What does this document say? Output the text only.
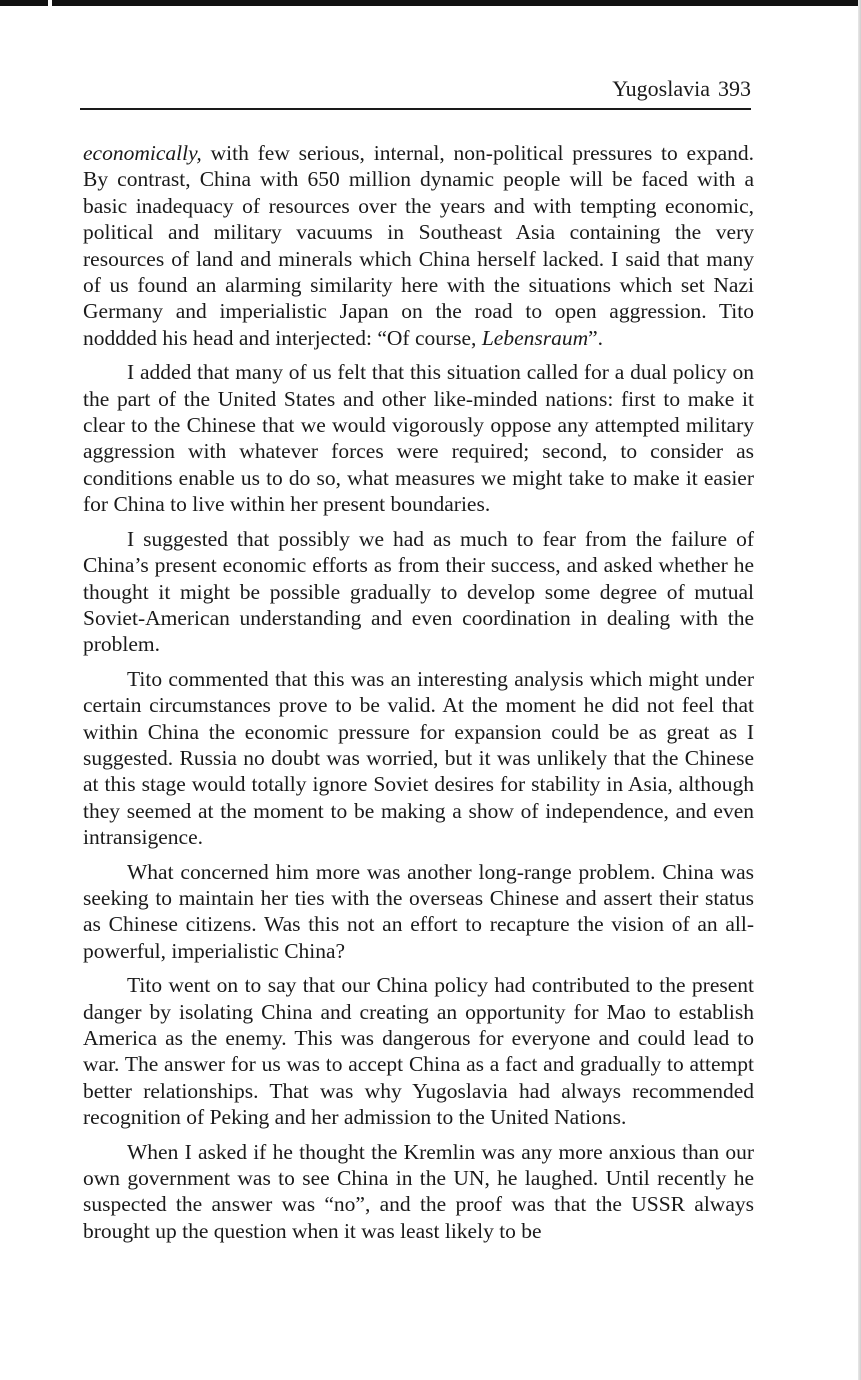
Yugoslavia 393

economically, with few serious, internal, non-political pressures to expand. By contrast, China with 650 million dynamic people will be faced with a basic inadequacy of resources over the years and with tempting economic, political and military vacuums in Southeast Asia containing the very resources of land and minerals which China herself lacked. I said that many of us found an alarming similarity here with the situations which set Nazi Germany and imperialistic Japan on the road to open aggression. Tito noddded his head and interjected: “Of course, Lebensraum”.

I added that many of us felt that this situation called for a dual policy on the part of the United States and other like-minded nations: first to make it clear to the Chinese that we would vigorously oppose any attempted military aggression with whatever forces were required; second, to consider as conditions enable us to do so, what measures we might take to make it easier for China to live within her present boundaries.

I suggested that possibly we had as much to fear from the failure of China’s present economic efforts as from their success, and asked whether he thought it might be possible gradually to develop some degree of mutual Soviet-American understanding and even coordination in dealing with the problem.

Tito commented that this was an interesting analysis which might under certain circumstances prove to be valid. At the moment he did not feel that within China the economic pressure for expansion could be as great as I suggested. Russia no doubt was worried, but it was unlikely that the Chinese at this stage would totally ignore Soviet desires for stability in Asia, although they seemed at the moment to be making a show of independence, and even intransigence.

What concerned him more was another long-range problem. China was seeking to maintain her ties with the overseas Chinese and assert their status as Chinese citizens. Was this not an effort to recapture the vision of an all-powerful, imperialistic China?

Tito went on to say that our China policy had contributed to the present danger by isolating China and creating an opportunity for Mao to establish America as the enemy. This was dangerous for everyone and could lead to war. The answer for us was to accept China as a fact and gradually to attempt better relationships. That was why Yugoslavia had always recommended recognition of Peking and her admission to the United Nations.

When I asked if he thought the Kremlin was any more anxious than our own government was to see China in the UN, he laughed. Until recently he suspected the answer was “no”, and the proof was that the USSR always brought up the question when it was least likely to be
